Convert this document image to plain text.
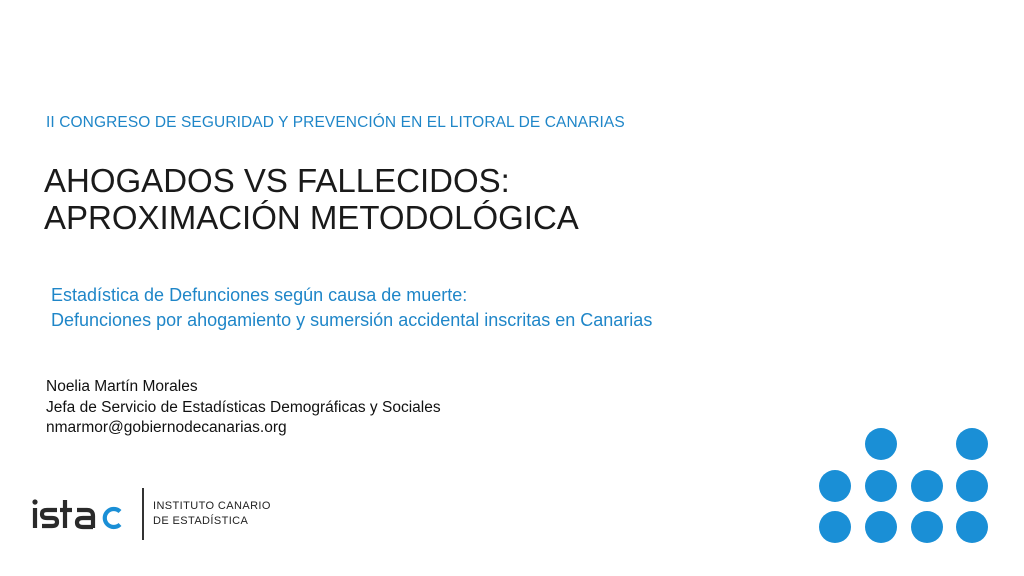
II CONGRESO DE SEGURIDAD Y PREVENCIÓN EN EL LITORAL DE CANARIAS
AHOGADOS VS FALLECIDOS:
APROXIMACIÓN METODOLÓGICA
Estadística de Defunciones según causa de muerte:
Defunciones por ahogamiento y sumersión accidental inscritas en Canarias
Noelia Martín Morales
Jefa de Servicio de Estadísticas Demográficas y Sociales
nmarmor@gobiernodecanarias.org
INSTITUTO CANARIO
DE ESTADÍSTICA
